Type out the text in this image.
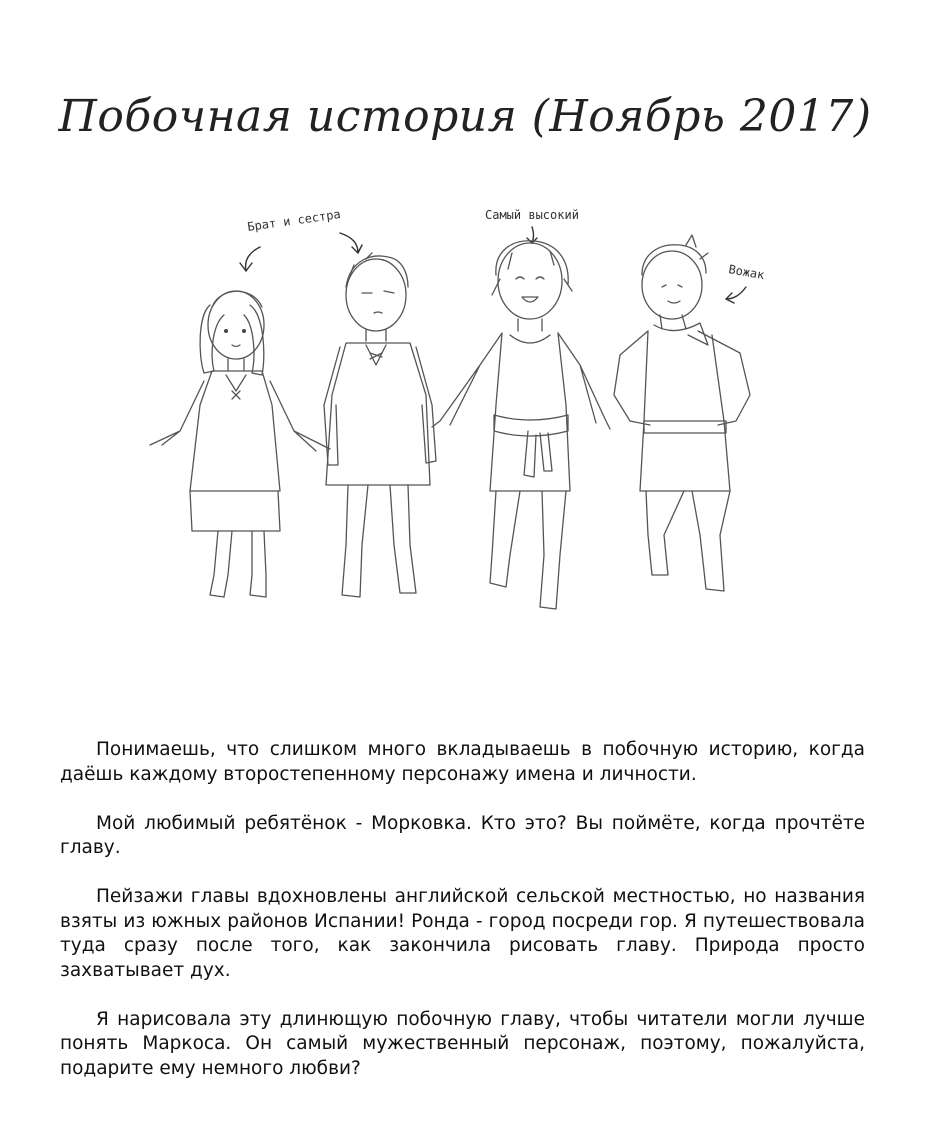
Побочная история (Ноябрь 2017)
Брат и сестра	Самый высокий
Вожак

Понимаешь, что слишком много вкладываешь в побочную историю, когда даёшь каждому второстепенному персонажу имена и личности.

Мой любимый ребятёнок - Морковка. Кто это? Вы поймёте, когда прочтёте главу.

Пейзажи главы вдохновлены английской сельской местностью, но названия взяты из южных районов Испании! Ронда - город посреди гор. Я путешествовала туда сразу после того, как закончила рисовать главу. Природа просто захватывает дух.

Я нарисовала эту длинющую побочную главу, чтобы читатели могли лучше понять Маркоса. Он самый мужественный персонаж, поэтому, пожалуйста, подарите ему немного любви?
